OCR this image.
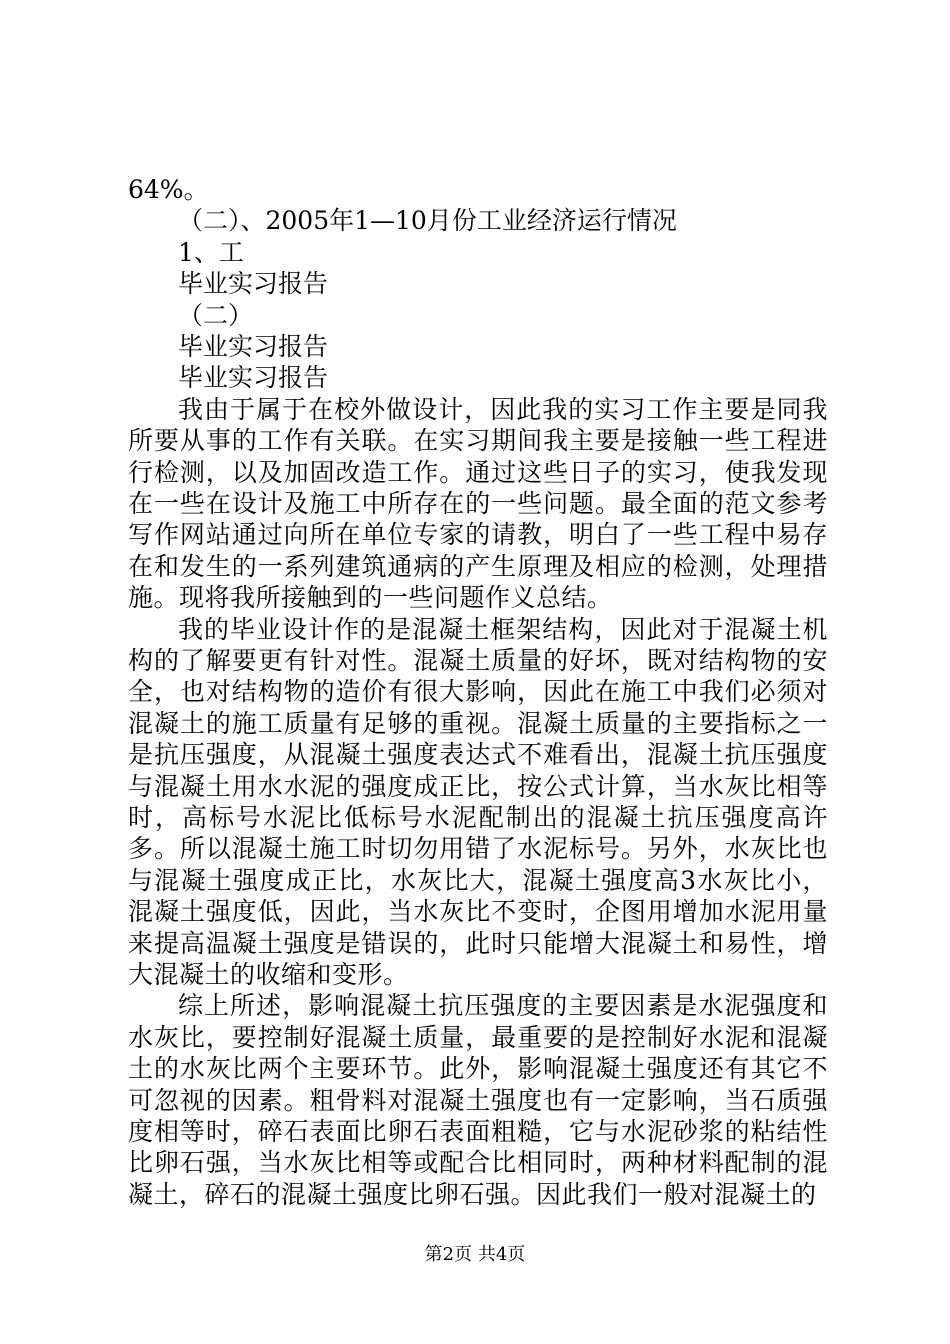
64%。
（二）、2005年1—10月份工业经济运行情况
1、工
毕业实习报告
（二）
毕业实习报告
毕业实习报告
我由于属于在校外做设计，因此我的实习工作主要是同我所要从事的工作有关联。在实习期间我主要是接触一些工程进行检测，以及加固改造工作。通过这些日子的实习，使我发现在一些在设计及施工中所存在的一些问题。最全面的范文参考写作网站通过向所在单位专家的请教，明白了一些工程中易存在和发生的一系列建筑通病的产生原理及相应的检测，处理措施。现将我所接触到的一些问题作义总结。
我的毕业设计作的是混凝土框架结构，因此对于混凝土机构的了解要更有针对性。混凝土质量的好坏，既对结构物的安全，也对结构物的造价有很大影响，因此在施工中我们必须对混凝土的施工质量有足够的重视。混凝土质量的主要指标之一是抗压强度，从混凝土强度表达式不难看出，混凝土抗压强度与混凝土用水水泥的强度成正比，按公式计算，当水灰比相等时，高标号水泥比低标号水泥配制出的混凝土抗压强度高许多。所以混凝土施工时切勿用错了水泥标号。另外，水灰比也与混凝土强度成正比，水灰比大，混凝土强度高3水灰比小，混凝土强度低，因此，当水灰比不变时，企图用增加水泥用量来提高温凝土强度是错误的，此时只能增大混凝土和易性，增大混凝土的收缩和变形。
综上所述，影响混凝土抗压强度的主要因素是水泥强度和水灰比，要控制好混凝土质量，最重要的是控制好水泥和混凝土的水灰比两个主要环节。此外，影响混凝土强度还有其它不可忽视的因素。粗骨料对混凝土强度也有一定影响，当石质强度相等时，碎石表面比卵石表面粗糙，它与水泥砂浆的粘结性比卵石强，当水灰比相等或配合比相同时，两种材料配制的混凝土，碎石的混凝土强度比卵石强。因此我们一般对混凝土的
第2页 共4页
